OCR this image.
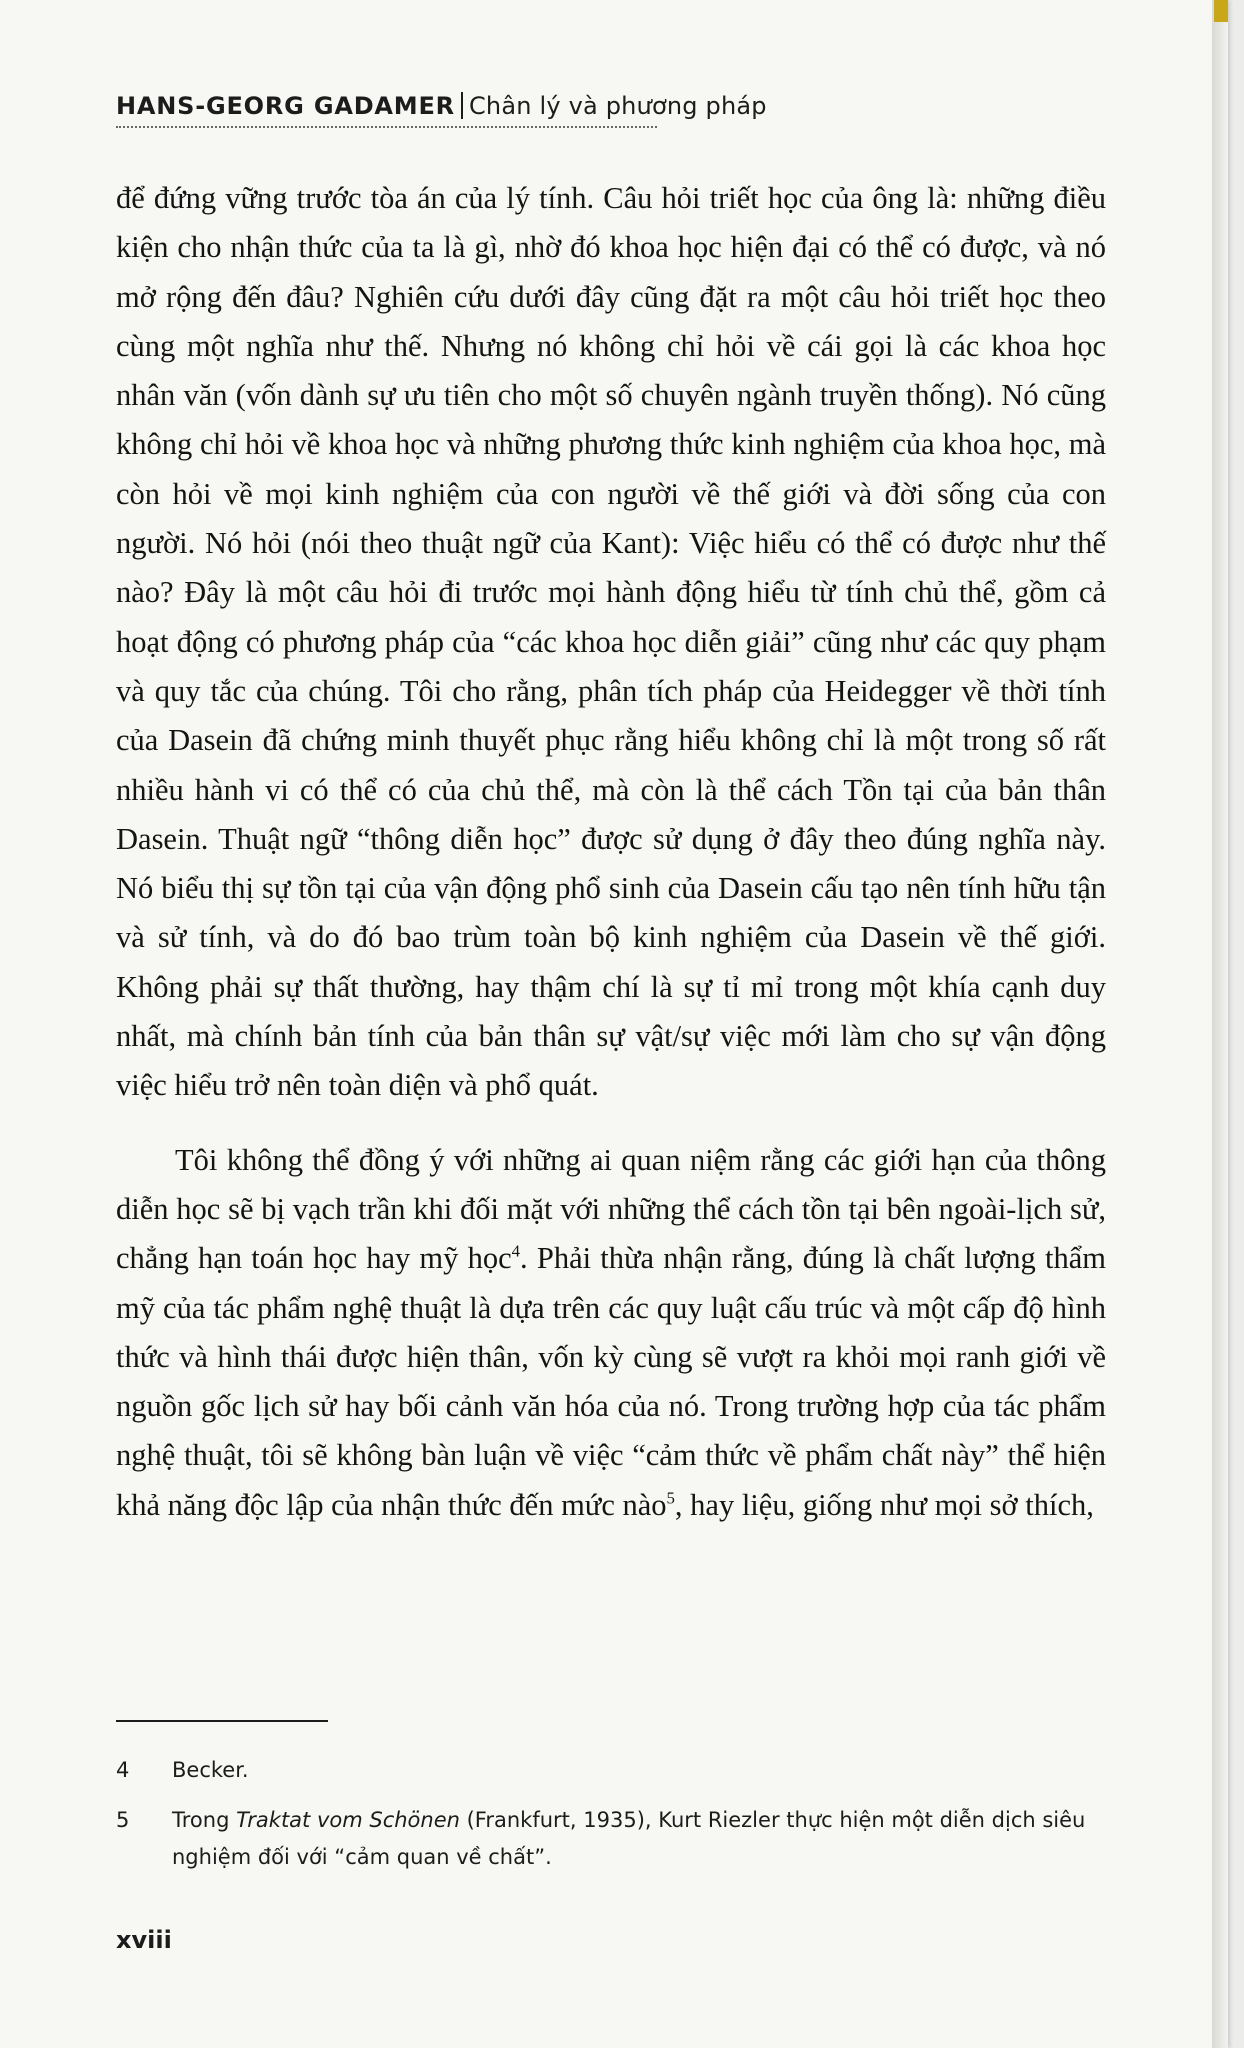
HANS-GEORG GADAMER Chân lý và phương pháp

để đứng vững trước tòa án của lý tính. Câu hỏi triết học của ông là: những điều kiện cho nhận thức của ta là gì, nhờ đó khoa học hiện đại có thể có được, và nó mở rộng đến đâu? Nghiên cứu dưới đây cũng đặt ra một câu hỏi triết học theo cùng một nghĩa như thế. Nhưng nó không chỉ hỏi về cái gọi là các khoa học nhân văn (vốn dành sự ưu tiên cho một số chuyên ngành truyền thống). Nó cũng không chỉ hỏi về khoa học và những phương thức kinh nghiệm của khoa học, mà còn hỏi về mọi kinh nghiệm của con người về thế giới và đời sống của con người. Nó hỏi (nói theo thuật ngữ của Kant): Việc hiểu có thể có được như thế nào? Đây là một câu hỏi đi trước mọi hành động hiểu từ tính chủ thể, gồm cả hoạt động có phương pháp của “các khoa học diễn giải” cũng như các quy phạm và quy tắc của chúng. Tôi cho rằng, phân tích pháp của Heidegger về thời tính của Dasein đã chứng minh thuyết phục rằng hiểu không chỉ là một trong số rất nhiều hành vi có thể có của chủ thể, mà còn là thể cách Tồn tại của bản thân Dasein. Thuật ngữ “thông diễn học” được sử dụng ở đây theo đúng nghĩa này. Nó biểu thị sự tồn tại của vận động phổ sinh của Dasein cấu tạo nên tính hữu tận và sử tính, và do đó bao trùm toàn bộ kinh nghiệm của Dasein về thế giới. Không phải sự thất thường, hay thậm chí là sự tỉ mỉ trong một khía cạnh duy nhất, mà chính bản tính của bản thân sự vật/sự việc mới làm cho sự vận động việc hiểu trở nên toàn diện và phổ quát.

Tôi không thể đồng ý với những ai quan niệm rằng các giới hạn của thông diễn học sẽ bị vạch trần khi đối mặt với những thể cách tồn tại bên ngoài-lịch sử, chẳng hạn toán học hay mỹ học$^4$. Phải thừa nhận rằng, đúng là chất lượng thẩm mỹ của tác phẩm nghệ thuật là dựa trên các quy luật cấu trúc và một cấp độ hình thức và hình thái được hiện thân, vốn kỳ cùng sẽ vượt ra khỏi mọi ranh giới về nguồn gốc lịch sử hay bối cảnh văn hóa của nó. Trong trường hợp của tác phẩm nghệ thuật, tôi sẽ không bàn luận về việc “cảm thức về phẩm chất này” thể hiện khả năng độc lập của nhận thức đến mức nào$^5$, hay liệu, giống như mọi sở thích,

4	Becker.
5	Trong Traktat vom Schönen (Frankfurt, 1935), Kurt Riezler thực hiện một diễn dịch siêu nghiệm đối với “cảm quan về chất”.
xviii
